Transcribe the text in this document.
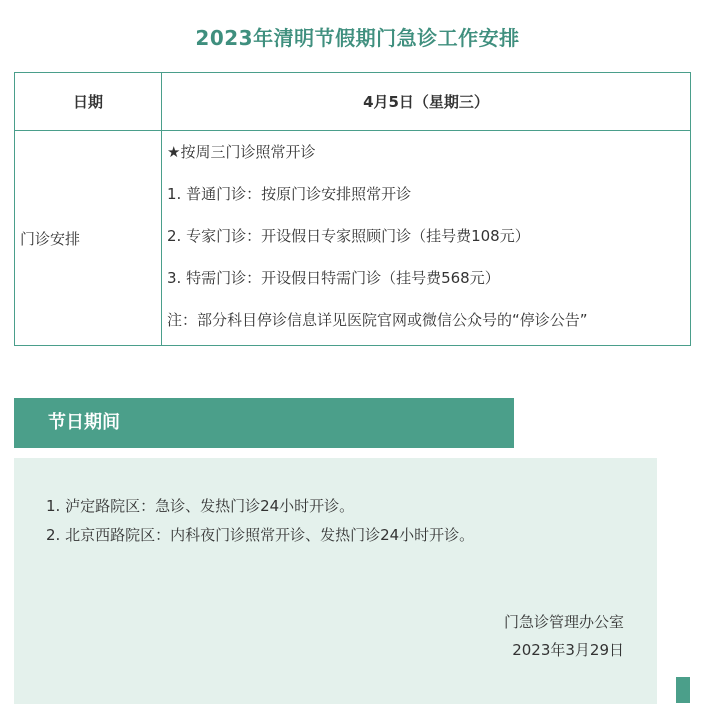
2023年清明节假期门急诊工作安排
日期	4月5日（星期三）
门诊安排	★按周三门诊照常开诊

1. 普通门诊：按原门诊安排照常开诊

2. 专家门诊：开设假日专家照顾门诊（挂号费108元）

3. 特需门诊：开设假日特需门诊（挂号费568元）

注：部分科目停诊信息详见医院官网或微信公众号的“停诊公告”

节日期间
1. 泸定路院区：急诊、发热门诊24小时开诊。
2. 北京西路院区：内科夜门诊照常开诊、发热门诊24小时开诊。
门急诊管理办公室
2023年3月29日
